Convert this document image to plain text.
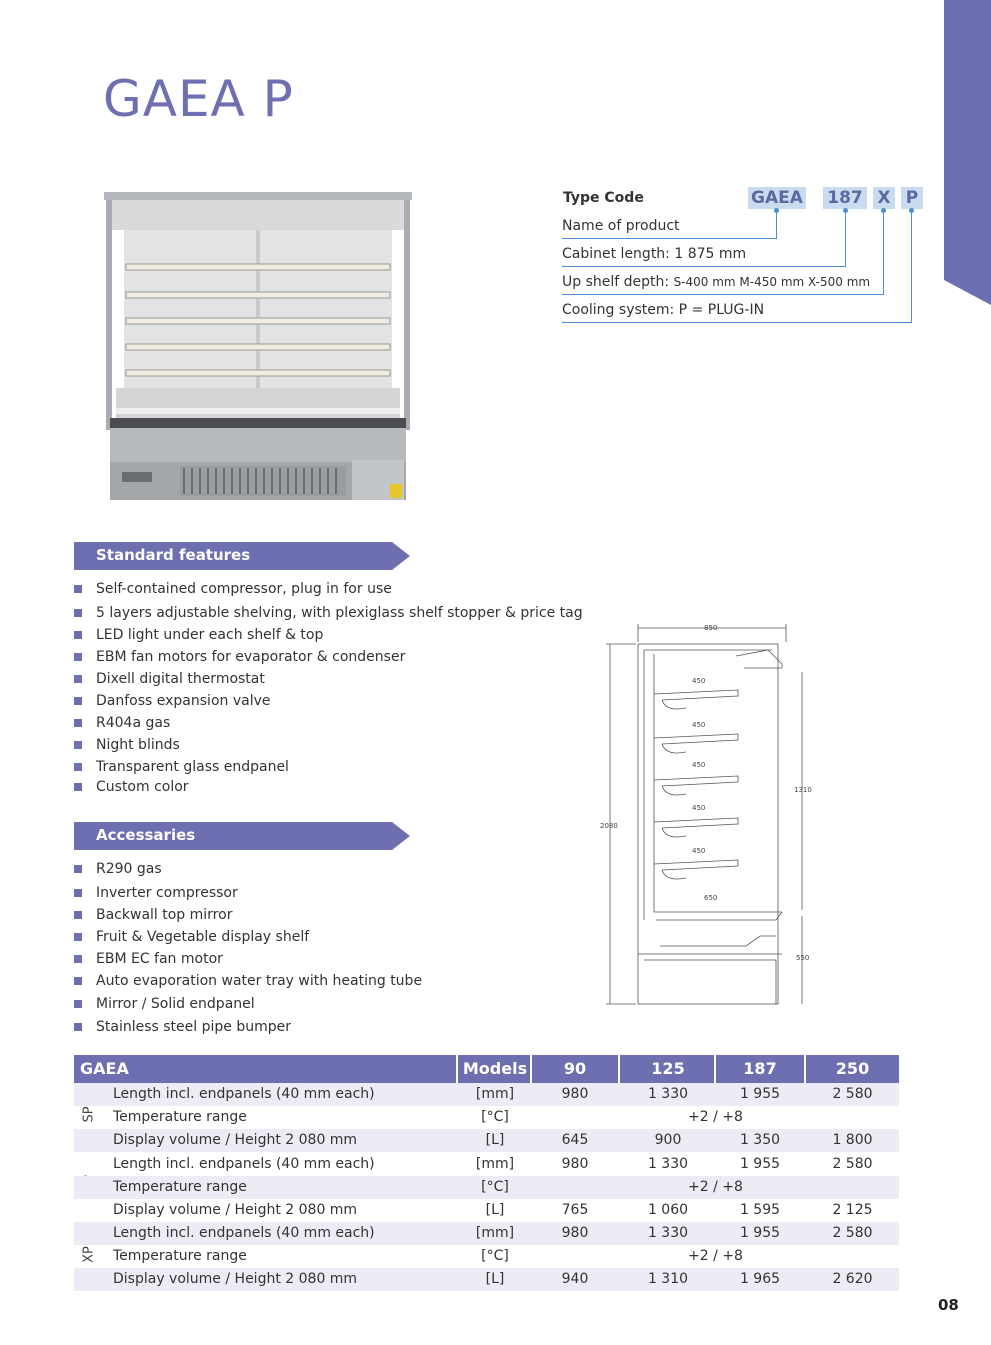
GAEA P
Type Code	GAEA 187 X P
Name of product
Cabinet length: 1 875 mm
Up shelf depth: S-400 mm M-450 mm X-500 mm
Cooling system: P = PLUG-IN
Standard features
Self-contained compressor, plug in for use
5 layers adjustable shelving, with plexiglass shelf stopper & price tag
LED light under each shelf & top
EBM fan motors for evaporator & condenser
Dixell digital thermostat
Danfoss expansion valve
R404a gas
Night blinds
Transparent glass endpanel
Custom color
Accessaries
R290 gas
Inverter compressor
Backwall top mirror
Fruit & Vegetable display shelf
EBM EC fan motor
Auto evaporation water tray with heating tube
Mirror / Solid endpanel
Stainless steel pipe bumper
850
2080
1310
550
450
450
450
450
450
650
GAEA	Models	90	125	187	250
SP
Length incl. endpanels (40 mm each)	[mm]	980	1 330	1 955	2 580
Temperature range	[°C]	+2 / +8
Display volume / Height 2 080 mm	[L]	645	900	1 350	1 800
Length incl. endpanels (40 mm each)	[mm]	980	1 330	1 955	2 580
Temperature range	[°C]	+2 / +8
Display volume / Height 2 080 mm	[L]	765	1 060	1 595	2 125
XP
Length incl. endpanels (40 mm each)	[mm]	980	1 330	1 955	2 580
Temperature range	[°C]	+2 / +8
Display volume / Height 2 080 mm	[L]	940	1 310	1 965	2 620
08
